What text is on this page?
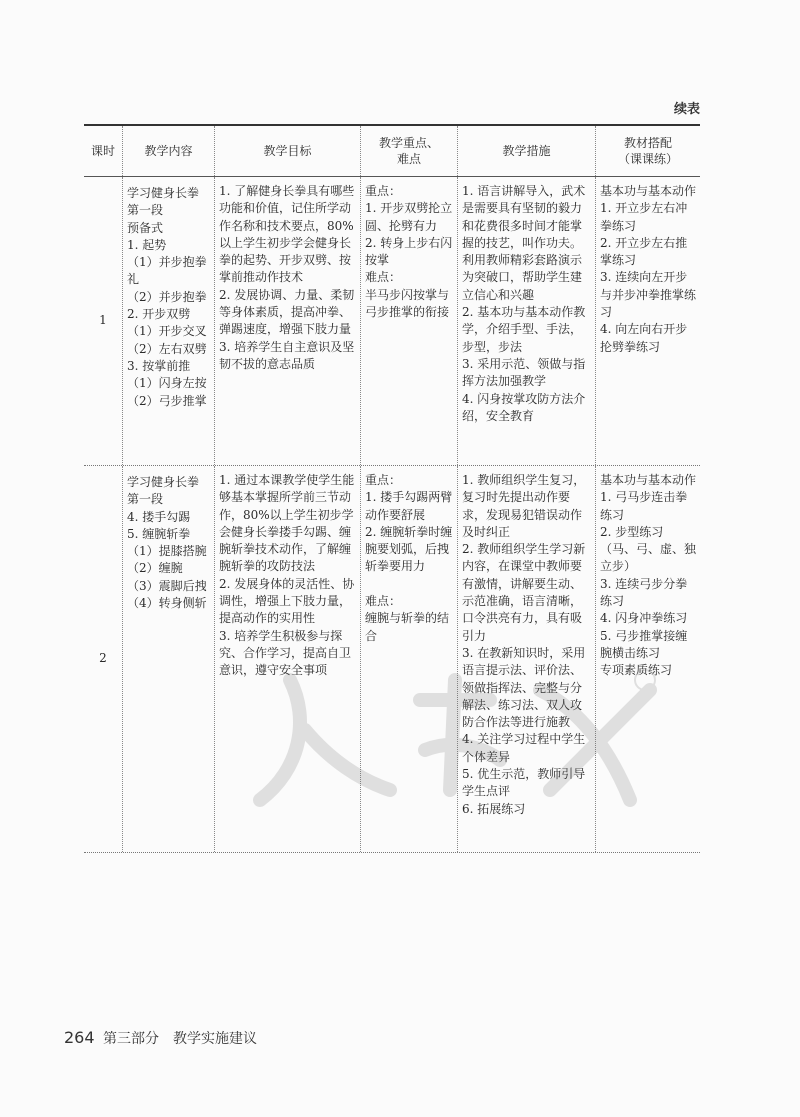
续表
课时	教学内容	教学目标
教学重点、
难点
教学措施
教材搭配
（课课练）
1
学习健身长拳第一段
预备式
1. 起势
（1）并步抱拳礼
（2）并步抱拳
2. 开步双劈
（1）开步交叉
（2）左右双劈
3. 按掌前推
（1）闪身左按
（2）弓步推掌
1. 了解健身长拳具有哪些功能和价值，记住所学动作名称和技术要点，80%以上学生初步学会健身长拳的起势、开步双劈、按掌前推动作技术
2. 发展协调、力量、柔韧等身体素质，提高冲拳、弹踢速度，增强下肢力量
3. 培养学生自主意识及坚韧不拔的意志品质
重点：
1. 开步双劈抡立圆、抡劈有力
2. 转身上步右闪按掌
难点：
半马步闪按掌与弓步推掌的衔接
1. 语言讲解导入，武术是需要具有坚韧的毅力和花费很多时间才能掌握的技艺，叫作功夫。利用教师精彩套路演示为突破口，帮助学生建立信心和兴趣
2. 基本功与基本动作教学，介绍手型、手法，步型，步法
3. 采用示范、领做与指挥方法加强教学
4. 闪身按掌攻防方法介绍，安全教育
基本功与基本动作
1. 开立步左右冲拳练习
2. 开立步左右推掌练习
3. 连续向左开步与并步冲拳推掌练习
4. 向左向右开步抡劈拳练习
2
学习健身长拳第一段
4. 搂手勾踢
5. 缠腕斩拳
（1）提膝搭腕
（2）缠腕
（3）震脚后拽
（4）转身侧斩
1. 通过本课教学使学生能够基本掌握所学前三节动作，80%以上学生初步学会健身长拳搂手勾踢、缠腕斩拳技术动作，了解缠腕斩拳的攻防技法
2. 发展身体的灵活性、协调性，增强上下肢力量，提高动作的实用性
3. 培养学生积极参与探究、合作学习，提高自卫意识，遵守安全事项
重点：
1. 搂手勾踢两臂动作要舒展
2. 缠腕斩拳时缠腕要划弧，后拽斩拳要用力

难点：
缠腕与斩拳的结合
1. 教师组织学生复习，复习时先提出动作要求，发现易犯错误动作及时纠正
2. 教师组织学生学习新内容，在课堂中教师要有激情，讲解要生动、示范准确，语言清晰，口令洪亮有力，具有吸引力
3. 在教新知识时，采用语言提示法、评价法、领做指挥法、完整与分解法、练习法、双人攻防合作法等进行施教
4. 关注学习过程中学生个体差异
5. 优生示范，教师引导学生点评
6. 拓展练习
基本功与基本动作
1. 弓马步连击拳练习
2. 步型练习（马、弓、虚、独立步）
3. 连续弓步分拳练习
4. 闪身冲拳练习
5. 弓步推掌接缠腕横击练习
专项素质练习
264 第三部分　教学实施建议
